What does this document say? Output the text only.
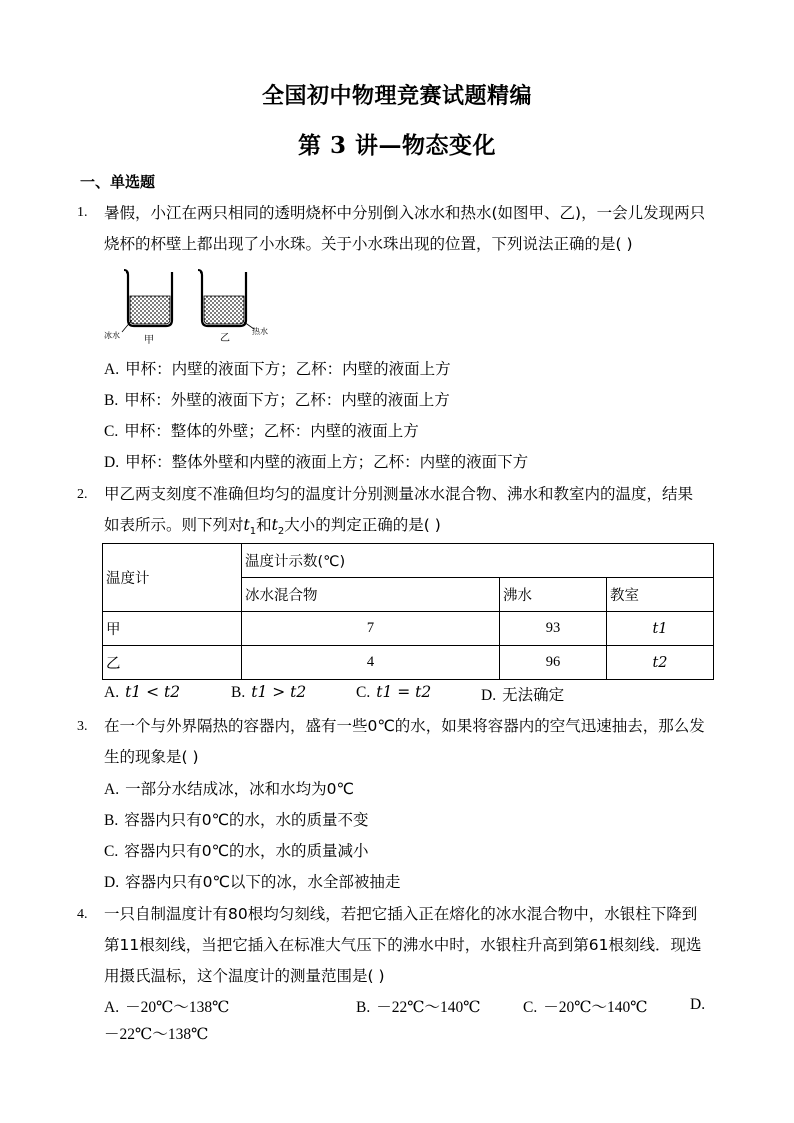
全国初中物理竞赛试题精编
第 3 讲—物态变化
一、单选题
1. 暑假，小江在两只相同的透明烧杯中分别倒入冰水和热水(如图甲、乙)，一会儿发现两只
烧杯的杯壁上都出现了小水珠。关于小水珠出现的位置，下列说法正确的是( )
冰水 甲	乙
热水
A. 甲杯：内壁的液面下方；乙杯：内壁的液面上方
B. 甲杯：外壁的液面下方；乙杯：内壁的液面上方
C. 甲杯：整体的外壁；乙杯：内壁的液面上方
D. 甲杯：整体外壁和内壁的液面上方；乙杯：内壁的液面下方
2. 甲乙两支刻度不准确但均匀的温度计分别测量冰水混合物、沸水和教室内的温度，结果
如表所示。则下列对$t_1$和$t_2$大小的判定正确的是( )
温度计	温度计示数(℃)		
	冰水混合物	沸水	教室
甲	7	93	t1
乙	4	96	t2
A. t1 < t2	B. t1 > t2	C. t1 = t2	D. 无法确定
3. 在一个与外界隔热的容器内，盛有一些0℃的水，如果将容器内的空气迅速抽去，那么发
生的现象是( )
A. 一部分水结成冰，冰和水均为0℃
B. 容器内只有0℃的水，水的质量不变
C. 容器内只有0℃的水，水的质量减小
D. 容器内只有0℃以下的冰，水全部被抽走
4. 一只自制温度计有80根均匀刻线，若把它插入正在熔化的冰水混合物中，水银柱下降到
第11根刻线，当把它插入在标准大气压下的沸水中时，水银柱升高到第61根刻线．现选
用摄氏温标，这个温度计的测量范围是( )
A. －20℃～138℃	B. －22℃～140℃	C. －20℃～140℃	D.
－22℃～138℃
